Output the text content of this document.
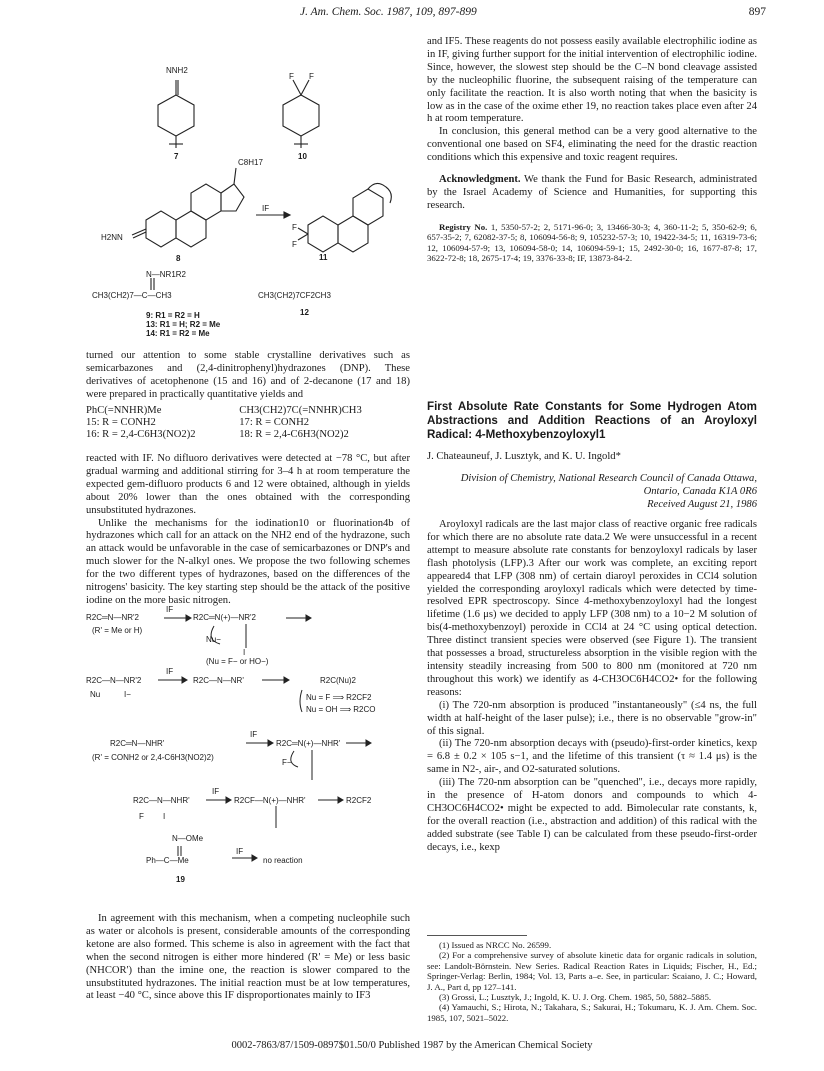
J. Am. Chem. Soc. 1987, 109, 897-899	897
NNH2
7
F F
10
C8H17
H2NN
8
IF
F
F
11
N—NR1R2
CH3(CH2)7—C—CH3	CH3(CH2)7CF2CH3
12
9: R1 = R2 = H
13: R1 = H; R2 = Me
14: R1 = R2 = Me

turned our attention to some stable crystalline derivatives such as semicarbazones and (2,4-dinitrophenyl)hydrazones (DNP). These derivatives of acetophenone (15 and 16) and of 2-decanone (17 and 18) were prepared in practically quantitative yields and

PhC(=NNHR)Me	CH3(CH2)7C(=NNHR)CH3
15: R = CONH2	17: R = CONH2
16: R = 2,4-C6H3(NO2)2	18: R = 2,4-C6H3(NO2)2

reacted with IF. No difluoro derivatives were detected at −78 °C, but after gradual warming and additional stirring for 3–4 h at room temperature the expected gem-difluoro products 6 and 12 were obtained, although in yields about 20% lower than the ones obtained with the corresponding unsubstituted hydrazones.

Unlike the mechanisms for the iodination10 or fluorination4b of hydrazones which call for an attack on the NH2 end of the hydrazone, such an attack would be unfavorable in the case of semicarbazones or DNP's and much slower for the N-alkyl ones. We propose the two following schemes for the two different types of hydrazones, based on the differences of the nitrogens' basicity. The key starting step should be the attack of the positive iodine on the more basic nitrogen.

R2C═N—NR'2
(R' = Me or H)
IF
R2C═N(+)—NR'2
Nu−
I
(Nu = F− or HO−)
R2C—N—NR'2
Nu	I−
IF
R2C—N—NR'	R2C(Nu)2
Nu = F ⟹ R2CF2
Nu = OH ⟹ R2CO
R2C═N—NHR'
(R' = CONH2 or 2,4-C6H3(NO2)2)
IF
R2C═N(+)—NHR'
F−
R2C—N—NHR'
F I
IF
R2CF—N(+)—NHR'	R2CF2
N—OMe
Ph—C—Me
IF
no reaction
19

In agreement with this mechanism, when a competing nucleophile such as water or alcohols is present, considerable amounts of the corresponding ketone are also formed. This scheme is also in agreement with the fact that when the second nitrogen is either more hindered (R' = Me) or less basic (NHCOR') than the imine one, the reaction is slower compared to the unsubstituted hydrazones. The initial reaction must be at low temperatures, at least −40 °C, since above this IF disproportionates mainly to IF3

and IF5. These reagents do not possess easily available electrophilic iodine as in IF, giving further support for the initial intervention of electrophilic iodine. Since, however, the slowest step should be the C–N bond cleavage assisted by the nucleophilic fluorine, the subsequent raising of the temperature can only facilitate the reaction. It is also worth noting that when the basicity is low as in the case of the oxime ether 19, no reaction takes place even after 24 h at room temperature.

In conclusion, this general method can be a very good alternative to the conventional one based on SF4, eliminating the need for the drastic reaction conditions which this expensive and toxic reagent requires.

Acknowledgment. We thank the Fund for Basic Research, administrated by the Israel Academy of Science and Humanities, for supporting this research.

Registry No. 1, 5350-57-2; 2, 5171-96-0; 3, 13466-30-3; 4, 360-11-2; 5, 350-62-9; 6, 657-35-2; 7, 62082-37-5; 8, 106094-56-8; 9, 105232-57-3; 10, 19422-34-5; 11, 16319-73-6; 12, 106094-57-9; 13, 106094-58-0; 14, 106094-59-1; 15, 2492-30-0; 16, 1677-87-8; 17, 3622-72-8; 18, 2675-17-4; 19, 3376-33-8; IF, 13873-84-2.

First Absolute Rate Constants for Some Hydrogen Atom Abstractions and Addition Reactions of an Aroyloxyl Radical: 4-Methoxybenzoyloxyl1
J. Chateauneuf, J. Lusztyk, and K. U. Ingold*
Division of Chemistry, National Research Council of Canada Ottawa, Ontario, Canada K1A 0R6
Received August 21, 1986

Aroyloxyl radicals are the last major class of reactive organic free radicals for which there are no absolute rate data.2 We were unsuccessful in a recent attempt to measure absolute rate constants for benzoyloxyl radicals by laser flash photolysis (LFP).3 After our work was complete, an exciting report appeared4 that LFP (308 nm) of certain diaroyl peroxides in CCl4 solution yielded the corresponding aroyloxyl radicals which were detected by time-resolved EPR spectroscopy. Since 4-methoxybenzoyloxyl had the longest lifetime (1.6 μs) we decided to apply LFP (308 nm) to a 10−2 M solution of bis(4-methoxybenzoyl) peroxide in CCl4 at 24 °C using optical detection. Three distinct transient species were observed (see Figure 1). The transient that possesses a broad, structureless absorption in the visible region with the intensity steadily increasing from 500 to 800 nm (monitored at 720 nm throughout this work) we identify as 4-CH3OC6H4CO2• for the following reasons:

(i) The 720-nm absorption is produced "instantaneously" (≤4 ns, the full width at half-height of the laser pulse); i.e., there is no observable "grow-in" of this signal.

(ii) The 720-nm absorption decays with (pseudo)-first-order kinetics, kexp = 6.8 ± 0.2 × 105 s−1, and the lifetime of this transient (τ ≈ 1.4 μs) is the same in N2-, air-, and O2-saturated solutions.

(iii) The 720-nm absorption can be "quenched", i.e., decays more rapidly, in the presence of H-atom donors and compounds to which 4-CH3OC6H4CO2• might be expected to add. Bimolecular rate constants, k, for the overall reaction (i.e., abstraction and addition) of this radical with the added substrate (see Table I) can be calculated from these pseudo-first-order decays, i.e., kexp

(1) Issued as NRCC No. 26599.

(2) For a comprehensive survey of absolute kinetic data for organic radicals in solution, see: Landolt-Börnstein. New Series. Radical Reaction Rates in Liquids; Fischer, H., Ed.; Springer-Verlag: Berlin, 1984; Vol. 13, Parts a–e. See, in particular: Scaiano, J. C.; Howard, J. A., Part d, pp 127–141.

(3) Grossi, L.; Lusztyk, J.; Ingold, K. U. J. Org. Chem. 1985, 50, 5882–5885.

(4) Yamauchi, S.; Hirota, N.; Takahara, S.; Sakurai, H.; Tokumaru, K. J. Am. Chem. Soc. 1985, 107, 5021–5022.

0002-7863/87/1509-0897$01.50/0 Published 1987 by the American Chemical Society
